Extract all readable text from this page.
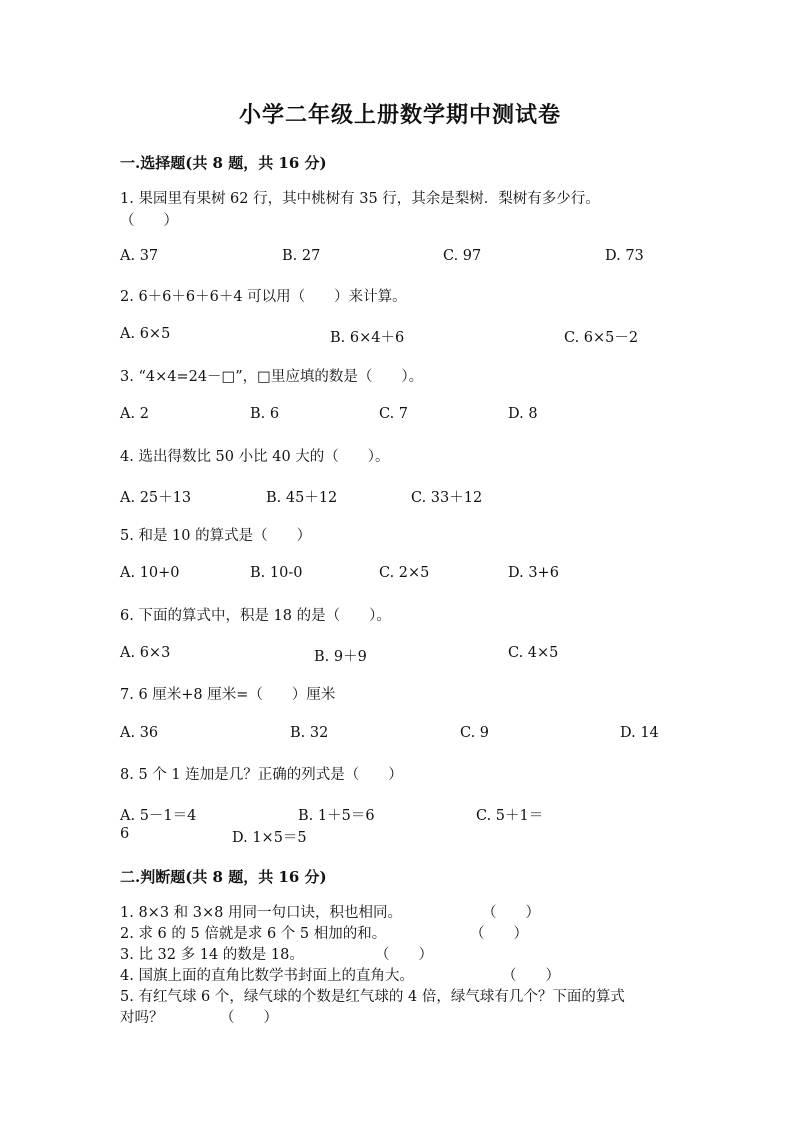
小学二年级上册数学期中测试卷
一.选择题(共 8 题，共 16 分)
1. 果园里有果树 62 行，其中桃树有 35 行，其余是梨树．梨树有多少行。
（　　）
A. 37	B. 27	C. 97	D. 73
2. 6＋6＋6＋6＋4 可以用（　　）来计算。
A. 6×5	B. 6×4＋6	C. 6×5－2
3. “4×4=24－□”，□里应填的数是（　　）。
A. 2	B. 6	C. 7	D. 8
4. 选出得数比 50 小比 40 大的（　　）。
A. 25＋13	B. 45＋12	C. 33＋12
5. 和是 10 的算式是（　　）
A. 10+0	B. 10-0	C. 2×5	D. 3+6
6. 下面的算式中，积是 18 的是（　　）。
A. 6×3	B. 9＋9	C. 4×5
7. 6 厘米+8 厘米=（　　）厘米
A. 36	B. 32	C. 9	D. 14
8. 5 个 1 连加是几？正确的列式是（　　）
A. 5－1＝4	B. 1＋5＝6	C. 5＋1＝
6	D. 1×5＝5
二.判断题(共 8 题，共 16 分)
1. 8×3 和 3×8 用同一句口诀，积也相同。	（　　）
2. 求 6 的 5 倍就是求 6 个 5 相加的和。	（　　）
3. 比 32 多 14 的数是 18。	（　　）
4. 国旗上面的直角比数学书封面上的直角大。	（　　）
5. 有红气球 6 个，绿气球的个数是红气球的 4 倍，绿气球有几个？下面的算式
对吗？	（　　）
